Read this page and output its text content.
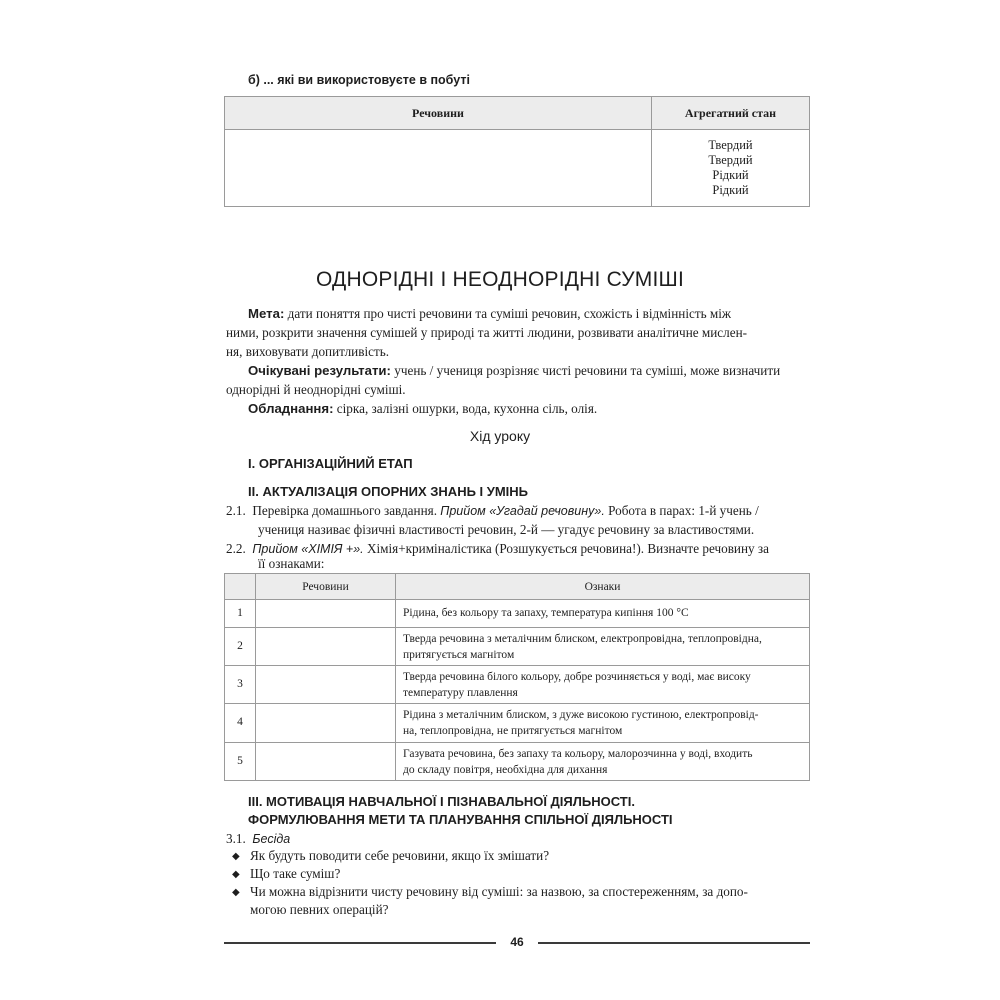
б) ... які ви використовуєте в побуті
Речовини	Агрегатний стан

	Твердий
Твердий
Рідкий
Рідкий
ОДНОРІДНІ І НЕОДНОРІДНІ СУМІШІ
Мета: дати поняття про чисті речовини та суміші речовин, схожість і відмінність між
ними, розкрити значення сумішей у природі та житті людини, розвивати аналітичне мислен-
ня, виховувати допитливість.
Очікувані результати: учень / учениця розрізняє чисті речовини та суміші, може визначити
однорідні й неоднорідні суміші.
Обладнання: сірка, залізні ошурки, вода, кухонна сіль, олія.
Хід уроку
I. ОРГАНІЗАЦІЙНИЙ ЕТАП
II. АКТУАЛІЗАЦІЯ ОПОРНИХ ЗНАНЬ І УМІНЬ
2.1. Перевірка домашнього завдання. Прийом «Угадай речовину». Робота в парах: 1-й учень /
учениця називає фізичні властивості речовин, 2-й — угадує речовину за властивостями.
2.2. Прийом «ХІМІЯ +». Хімія+криміналістика (Розшукується речовина!). Визначте речовину за
її ознаками:
	Речовини	Ознаки
1		Рідина, без кольору та запаху, температура кипіння 100 °С

2		Тверда речовина з металічним блиском, електропровідна, теплопровідна,
притягується магнітом

3		Тверда речовина білого кольору, добре розчиняється у воді, має високу
температуру плавлення

4		Рідина з металічним блиском, з дуже високою густиною, електропровід-
на, теплопровідна, не притягується магнітом

5		Газувата речовина, без запаху та кольору, малорозчинна у воді, входить
до складу повітря, необхідна для дихання
III. МОТИВАЦІЯ НАВЧАЛЬНОЇ І ПІЗНАВАЛЬНОЇ ДІЯЛЬНОСТІ.
ФОРМУЛЮВАННЯ МЕТИ ТА ПЛАНУВАННЯ СПІЛЬНОЇ ДІЯЛЬНОСТІ
3.1. Бесіда
◆ Як будуть поводити себе речовини, якщо їх змішати?
◆ Що таке суміш?
◆ Чи можна відрізнити чисту речовину від суміші: за назвою, за спостереженням, за допо-
могою певних операцій?
46
